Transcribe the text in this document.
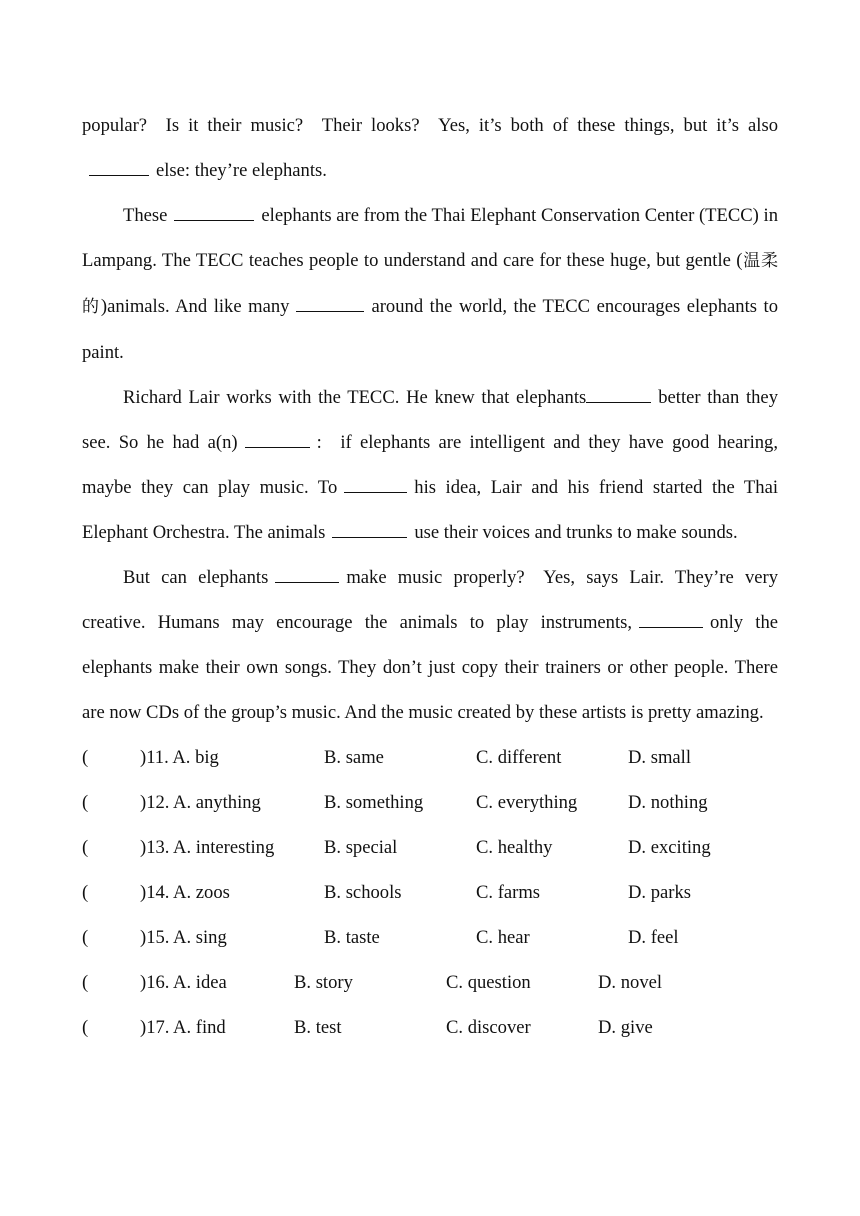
popular? Is it their music? Their looks? Yes, it’s both of these things, but it’s alsoelse: they’re elephants.

These	elephants are from the Thai Elephant Conservation Center (TECC) in Lampang. The TECC teaches people to understand and care for these huge, but gentle (温柔的)animals. And like many	around the world, the TECC encourages elephants to paint.

Richard Lair works with the TECC. He knew that elephants	better than they see. So he had a(n)	: if elephants are intelligent and they have good hearing, maybe they can play music. To	his idea, Lair and his friend started the Thai Elephant Orchestra. The animals	use their voices and trunks to make sounds.

But can elephants	make music properly? Yes, says Lair. They’re very creative. Humans may encourage the animals to play instruments,	only the elephants make their own songs. They don’t just copy their trainers or other people. There are now CDs of the group’s music. And the music created by these artists is pretty amazing.

(	)11. A. big	B. same	C. different	D. small
(	)12. A. anything	B. something	C. everything	D. nothing
(	)13. A. interesting	B. special	C. healthy	D. exciting
(	)14. A. zoos	B. schools	C. farms	D. parks
(	)15. A. sing	B. taste	C. hear	D. feel
(	)16. A. idea	B. story	C. question	D. novel
(	)17. A. find	B. test	C. discover	D. give
